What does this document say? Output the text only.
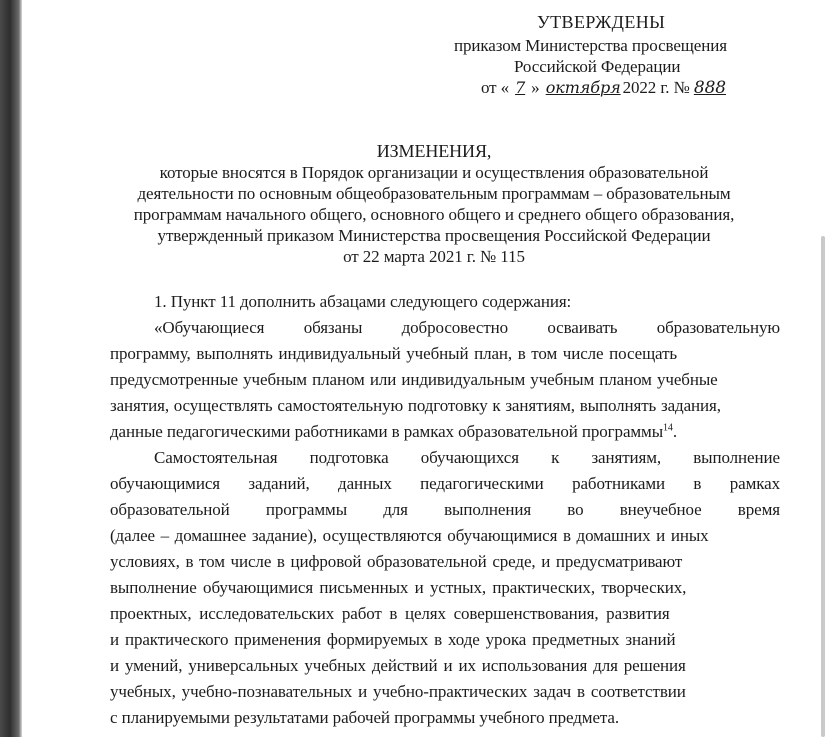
УТВЕРЖДЕНЫ

приказом Министерства просвещения

Российской Федерации

от « 7 » октября 2022 г. № 888

ИЗМЕНЕНИЯ,

которые вносятся в Порядок организации и осуществления образовательной

деятельности по основным общеобразовательным программам – образовательным

программам начального общего, основного общего и среднего общего образования,

утвержденный приказом Министерства просвещения Российской Федерации

от 22 марта 2021 г. № 115

1. Пункт 11 дополнить абзацами следующего содержания:

«Обучающиеся обязаны добросовестно осваивать образовательную

программу, выполнять индивидуальный учебный план, в том числе посещать

предусмотренные учебным планом или индивидуальным учебным планом учебные

занятия, осуществлять самостоятельную подготовку к занятиям, выполнять задания,

данные педагогическими работниками в рамках образовательной программы$^{14}$.

Самостоятельная подготовка обучающихся к занятиям, выполнение

обучающимися заданий, данных педагогическими работниками в рамках

образовательной программы для выполнения во внеучебное время

(далее – домашнее задание), осуществляются обучающимися в домашних и иных

условиях, в том числе в цифровой образовательной среде, и предусматривают

выполнение обучающимися письменных и устных, практических, творческих,

проектных, исследовательских работ в целях совершенствования, развития

и практического применения формируемых в ходе урока предметных знаний

и умений, универсальных учебных действий и их использования для решения

учебных, учебно-познавательных и учебно-практических задач в соответствии

с планируемыми результатами рабочей программы учебного предмета.
